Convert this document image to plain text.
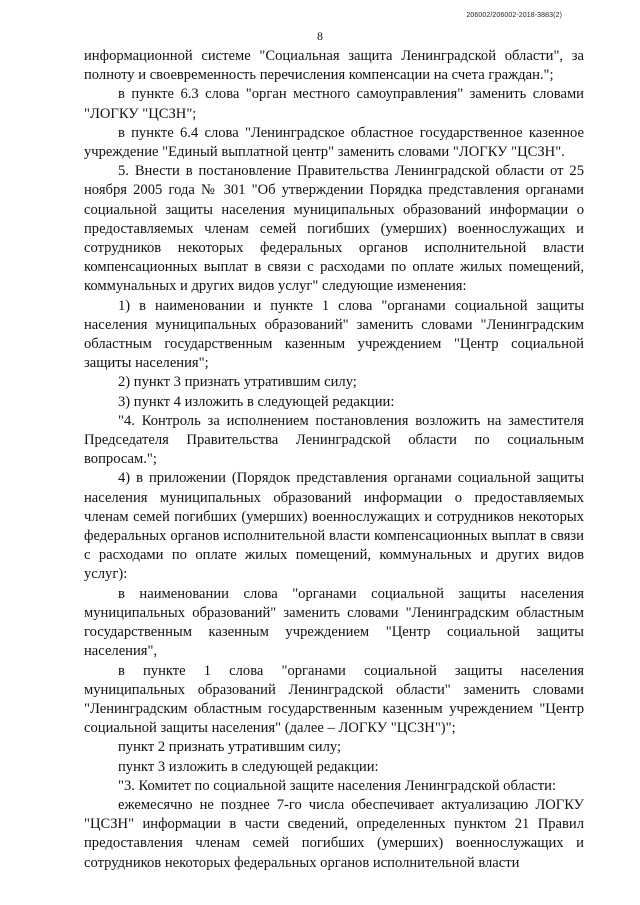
206002/206002-2018-3883(2)
8

информационной системе "Социальная защита Ленинградской области", за полноту и своевременность перечисления компенсации на счета граждан.";

в пункте 6.3 слова "орган местного самоуправления" заменить словами "ЛОГКУ "ЦСЗН";

в пункте 6.4 слова "Ленинградское областное государственное казенное учреждение "Единый выплатной центр" заменить словами "ЛОГКУ "ЦСЗН".

5. Внести в постановление Правительства Ленинградской области от 25 ноября 2005 года № 301 "Об утверждении Порядка представления органами социальной защиты населения муниципальных образований информации о предоставляемых членам семей погибших (умерших) военнослужащих и сотрудников некоторых федеральных органов исполнительной власти компенсационных выплат в связи с расходами по оплате жилых помещений, коммунальных и других видов услуг" следующие изменения:

1) в наименовании и пункте 1 слова "органами социальной защиты населения муниципальных образований" заменить словами "Ленинградским областным государственным казенным учреждением "Центр социальной защиты населения";

2) пункт 3 признать утратившим силу;

3) пункт 4 изложить в следующей редакции:

"4. Контроль за исполнением постановления возложить на заместителя Председателя Правительства Ленинградской области по социальным вопросам.";

4) в приложении (Порядок представления органами социальной защиты населения муниципальных образований информации о предоставляемых членам семей погибших (умерших) военнослужащих и сотрудников некоторых федеральных органов исполнительной власти компенсационных выплат в связи с расходами по оплате жилых помещений, коммунальных и других видов услуг):

в наименовании слова "органами социальной защиты населения муниципальных образований" заменить словами "Ленинградским областным государственным казенным учреждением "Центр социальной защиты населения",

в пункте 1 слова "органами социальной защиты населения муниципальных образований Ленинградской области" заменить словами "Ленинградским областным государственным казенным учреждением "Центр социальной защиты населения" (далее – ЛОГКУ "ЦСЗН")";

пункт 2 признать утратившим силу;

пункт 3 изложить в следующей редакции:

"3. Комитет по социальной защите населения Ленинградской области:

ежемесячно не позднее 7-го числа обеспечивает актуализацию ЛОГКУ "ЦСЗН" информации в части сведений, определенных пунктом 21 Правил предоставления членам семей погибших (умерших) военнослужащих и сотрудников некоторых федеральных органов исполнительной власти
